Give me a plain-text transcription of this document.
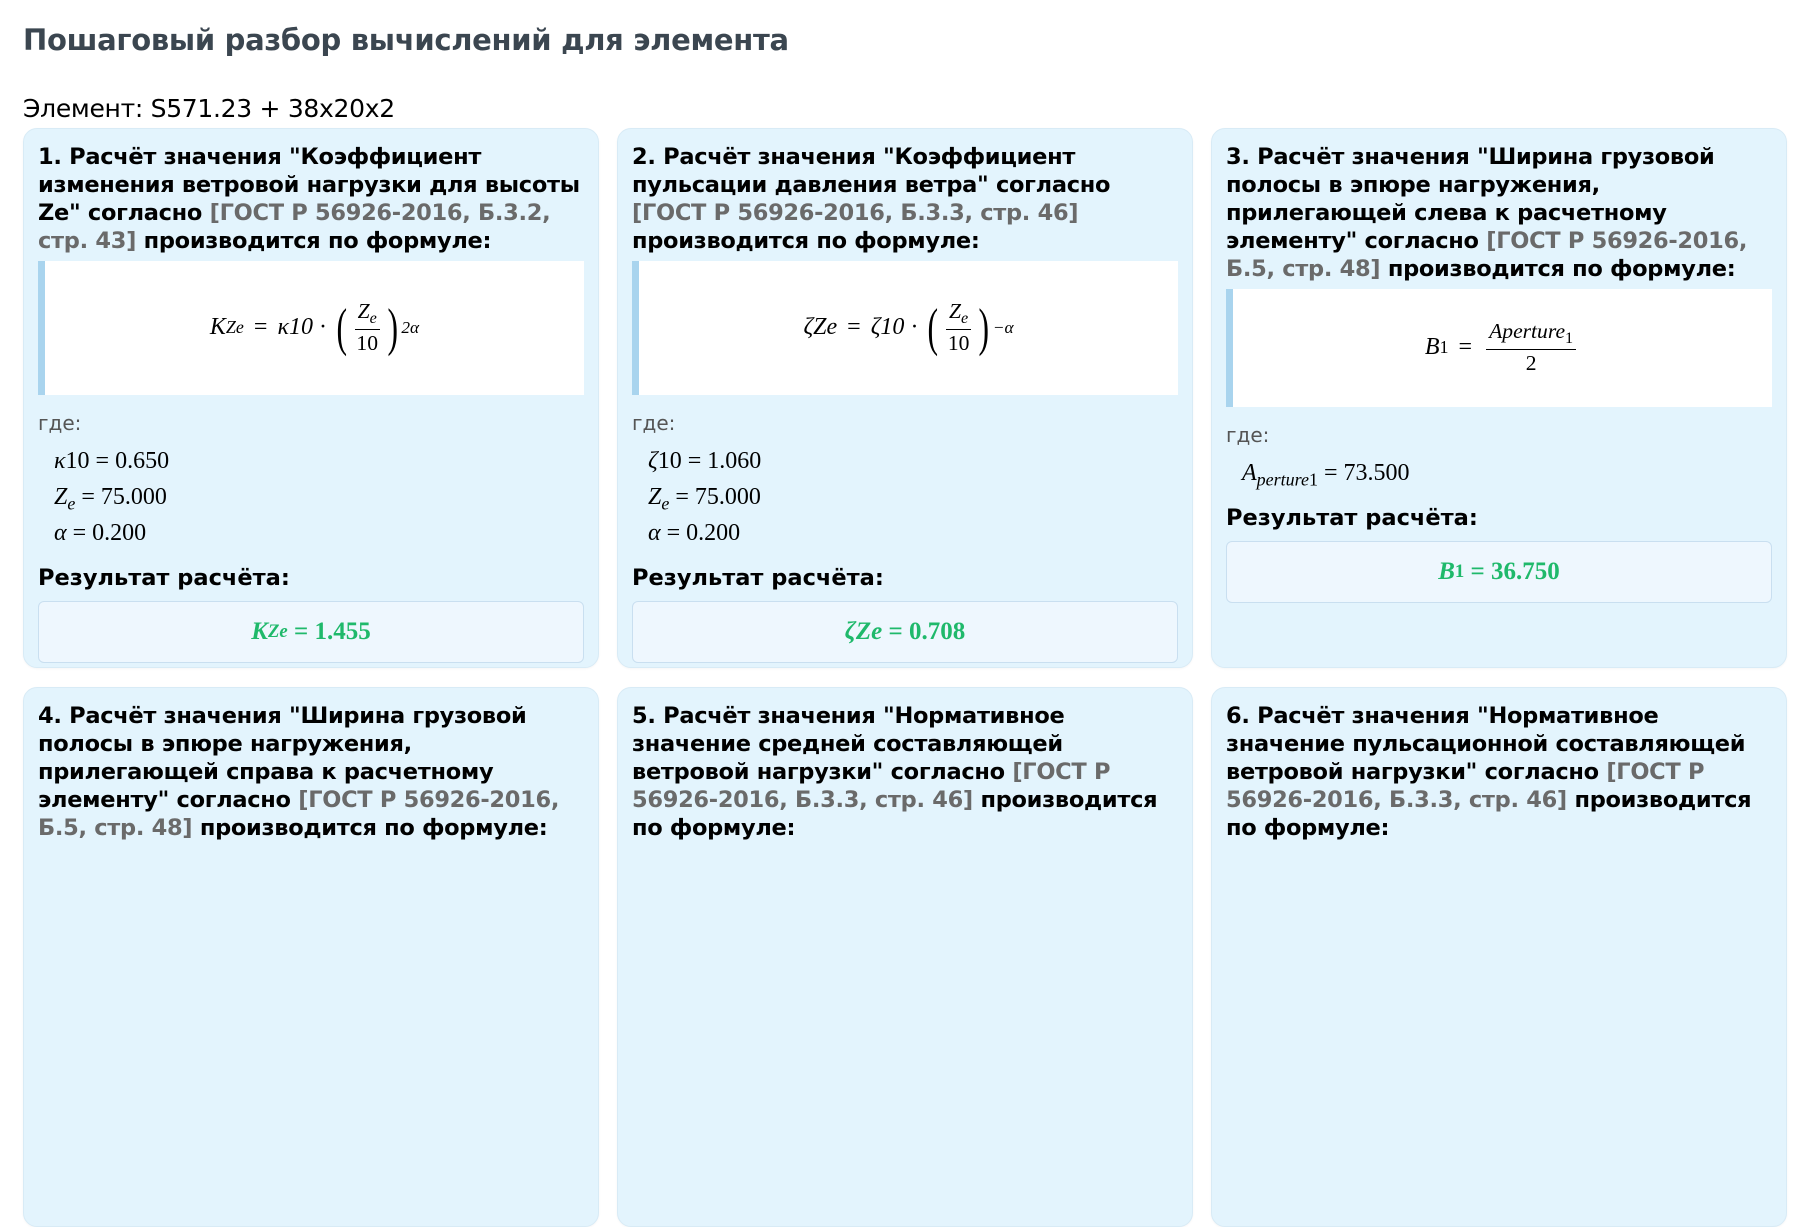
Пошаговый разбор вычислений для элемента
Элемент: S571.23 + 38x20x2
1. Расчёт значения "Коэффициент изменения ветровой нагрузки для высоты Ze" согласно [ГОСТ Р 56926-2016, Б.3.2, стр. 43] производится по формуле:
K Ze = κ10 · ( $\frac{Z_e}{10}$ ) 2α
где:
κ10 = 0.650
$Z_e = 75.000$
α = 0.200
Результат расчёта:
K Ze
= 1.455
2. Расчёт значения "Коэффициент пульсации давления ветра" согласно [ГОСТ Р 56926-2016, Б.3.3, стр. 46] производится по формуле:
ζ Ze = ζ10 · ( $\frac{Z_e}{10}$ ) −α
где:
ζ10 = 1.060
$Z_e = 75.000$
α = 0.200
Результат расчёта:
ζ Ze
= 0.708
3. Расчёт значения "Ширина грузовой полосы в эпюре нагружения, прилегающей слева к расчетному элементу" согласно [ГОСТ Р 56926-2016, Б.5, стр. 48] производится по формуле:
B $1 = \frac{Aperture_1}{2}$
где:
$A_{perture1} = 73.500$
Результат расчёта:
B 1
= 36.750
4. Расчёт значения "Ширина грузовой полосы в эпюре нагружения, прилегающей справа к расчетному элементу" согласно [ГОСТ Р 56926-2016, Б.5, стр. 48] производится по формуле:
5. Расчёт значения "Нормативное значение средней составляющей ветровой нагрузки" согласно [ГОСТ Р 56926-2016, Б.3.3, стр. 46] производится по формуле:
6. Расчёт значения "Нормативное значение пульсационной составляющей ветровой нагрузки" согласно [ГОСТ Р 56926-2016, Б.3.3, стр. 46] производится по формуле:
